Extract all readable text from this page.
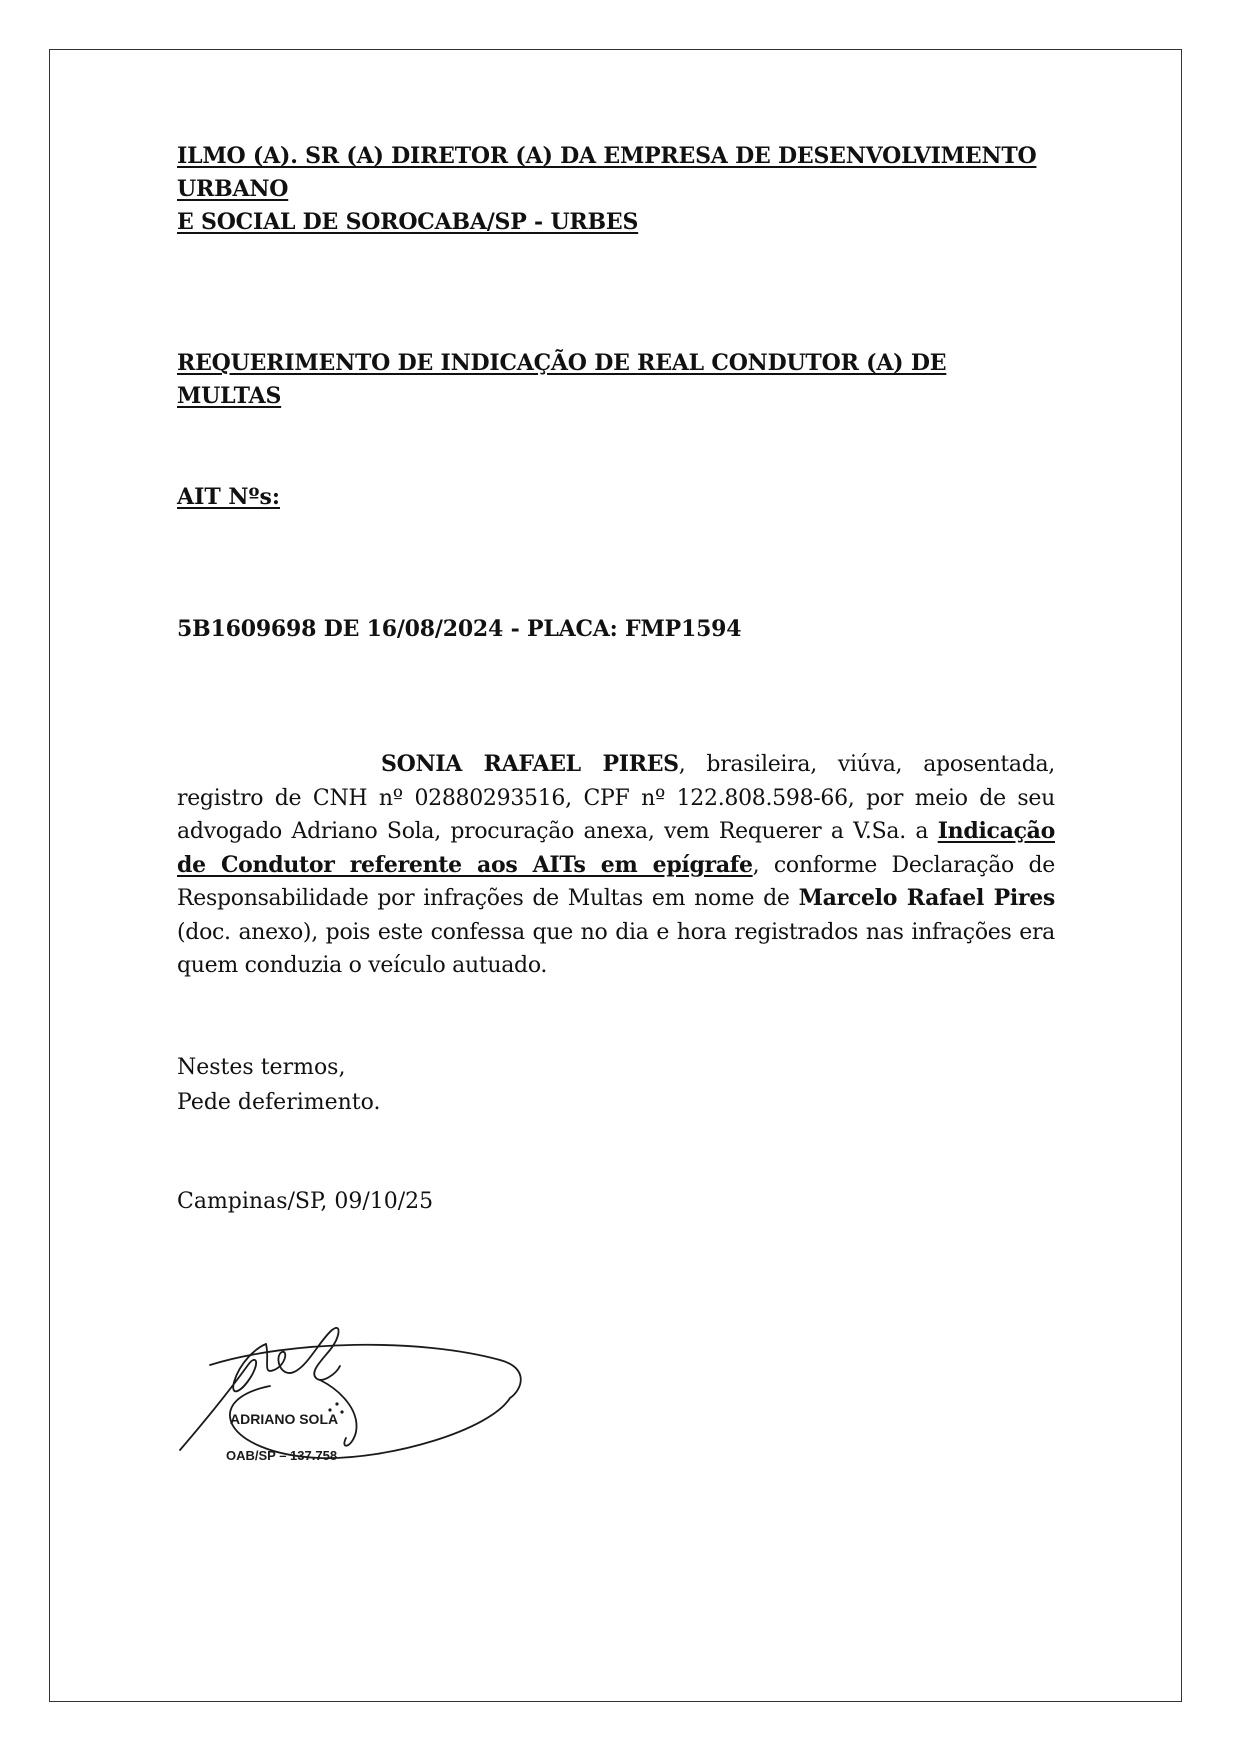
ILMO (A). SR (A) DIRETOR (A) DA EMPRESA DE DESENVOLVIMENTO URBANO
E SOCIAL DE SOROCABA/SP - URBES
REQUERIMENTO DE INDICAÇÃO DE REAL CONDUTOR (A) DE MULTAS
AIT Nºs:
5B1609698 DE 16/08/2024 - PLACA: FMP1594
SONIA RAFAEL PIRES, brasileira, viúva, aposentada, registro de CNH nº 02880293516, CPF nº 122.808.598-66, por meio de seu advogado Adriano Sola, procuração anexa, vem Requerer a V.Sa. a Indicação de Condutor referente aos AITs em epígrafe, conforme Declaração de Responsabilidade por infrações de Multas em nome de Marcelo Rafael Pires (doc. anexo), pois este confessa que no dia e hora registrados nas infrações era quem conduzia o veículo autuado.
Nestes termos,
Pede deferimento.
Campinas/SP, 09/10/25
ADRIANO SOLA
OAB/SP – 137.758
